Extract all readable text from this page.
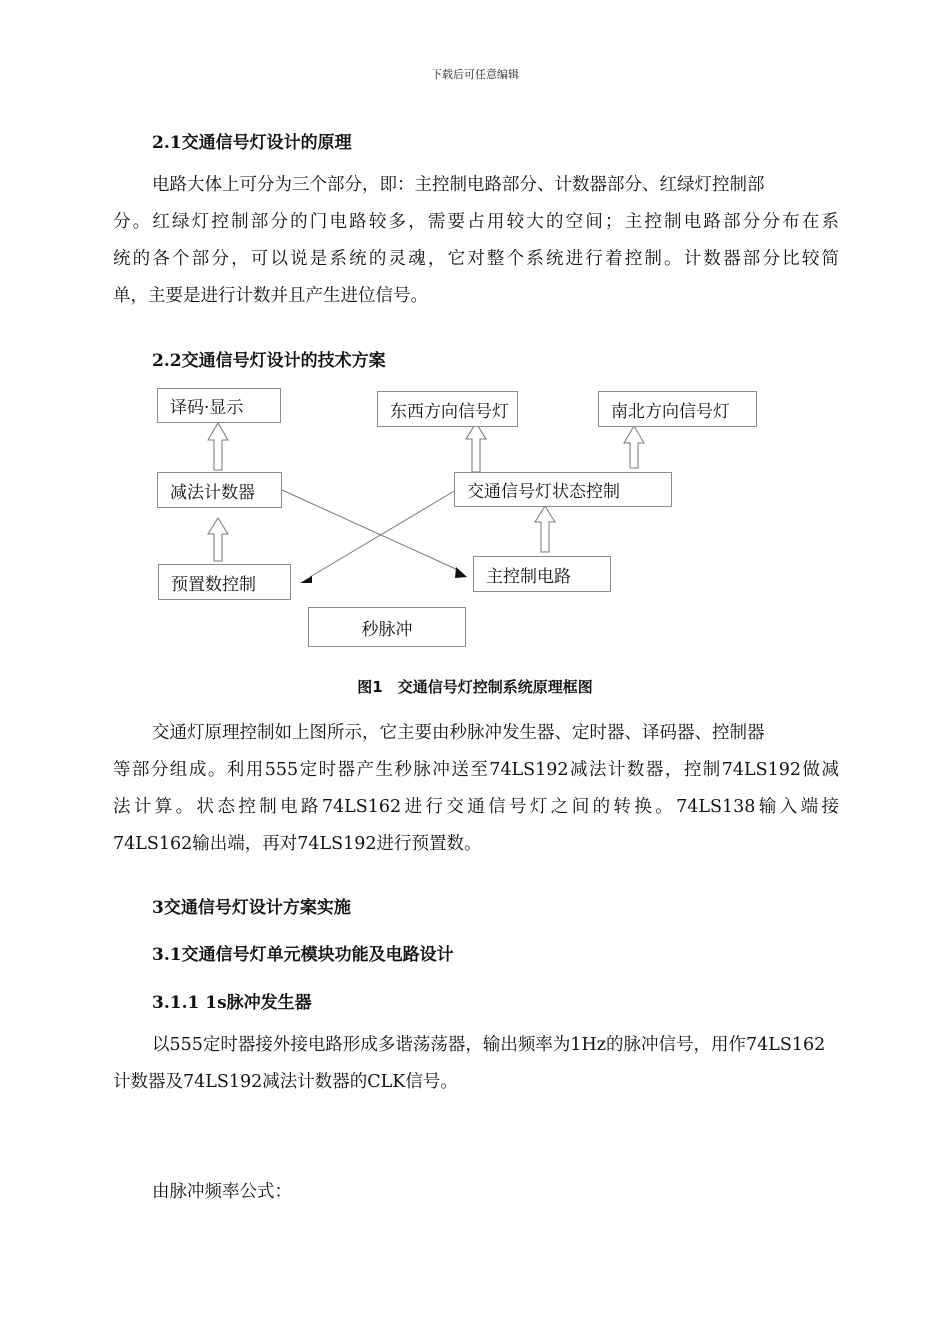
下载后可任意编辑
2.1交通信号灯设计的原理
电路大体上可分为三个部分，即：主控制电路部分、计数器部分、红绿灯控制部
分。红绿灯控制部分的门电路较多，需要占用较大的空间；主控制电路部分分布在系
统的各个部分，可以说是系统的灵魂，它对整个系统进行着控制。计数器部分比较简
单，主要是进行计数并且产生进位信号。
2.2交通信号灯设计的技术方案
译码·显示	东西方向信号灯	南北方向信号灯
减法计数器	交通信号灯状态控制
预置数控制	主控制电路
秒脉冲
图1　交通信号灯控制系统原理框图
交通灯原理控制如上图所示，它主要由秒脉冲发生器、定时器、译码器、控制器
等部分组成。利用555定时器产生秒脉冲送至74LS192减法计数器，控制74LS192做减
法计算。状态控制电路74LS162进行交通信号灯之间的转换。74LS138输入端接
74LS162输出端，再对74LS192进行预置数。
3交通信号灯设计方案实施
3.1交通信号灯单元模块功能及电路设计
3.1.1 1s脉冲发生器
以555定时器接外接电路形成多谐荡荡器，输出频率为1Hz的脉冲信号，用作74LS162
计数器及74LS192减法计数器的CLK信号。
由脉冲频率公式：
